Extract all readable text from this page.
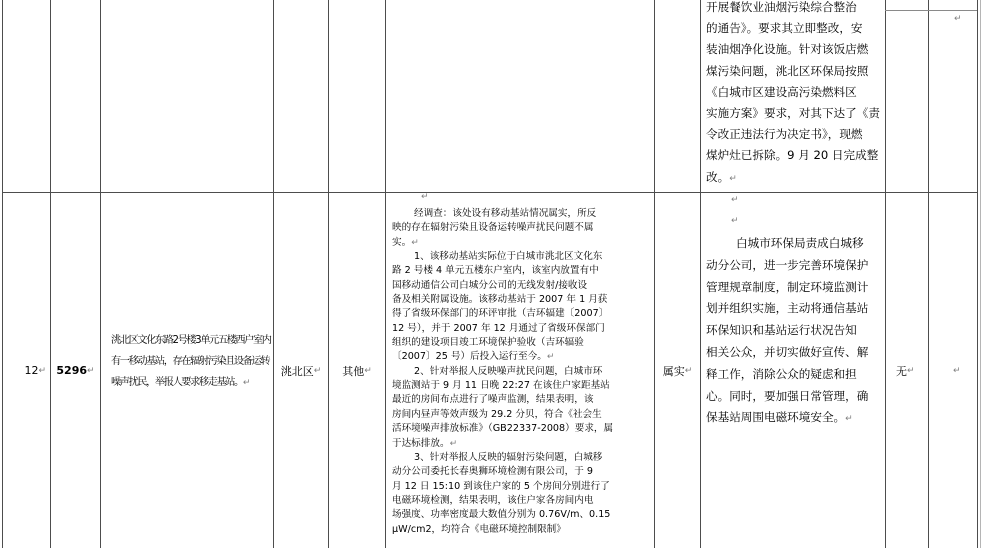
开展餐饮业油烟污染综合整治
的通告》。要求其立即整改，安
装油烟净化设施。针对该饭店燃
煤污染问题，洮北区环保局按照
《白城市区建设高污染燃料区
实施方案》要求，对其下达了《责
令改正违法行为决定书》，现燃
煤炉灶已拆除。9 月 20 日完成整
改。↵
↵
12 ↵ 5296 ↵
洮北区文化东路2号楼3单元五楼西户室内有一移动基站，存在辐射污染且设备运转噪声扰民，举报人要求移走基站。↵
洮北区 ↵ 其他 ↵
↵
经调查：该处设有移动基站情况属实，所反
映的存在辐射污染且设备运转噪声扰民问题不属
实。↵
1、该移动基站实际位于白城市洮北区文化东
路 2 号楼 4 单元五楼东户室内，该室内放置有中
国移动通信公司白城分公司的无线发射/接收设
备及相关附属设施。该移动基站于 2007 年 1 月获
得了省级环保部门的环评审批（吉环辐建〔2007〕
12 号），并于 2007 年 12 月通过了省级环保部门
组织的建设项目竣工环境保护验收（吉环辐验
〔2007〕25 号）后投入运行至今。↵
2、针对举报人反映噪声扰民问题，白城市环
境监测站于 9 月 11 日晚 22:27 在该住户家距基站
最近的房间布点进行了噪声监测，结果表明，该
房间内昼声等效声级为 29.2 分贝，符合《社会生
活环境噪声排放标准》（GB22337-2008）要求，属
于达标排放。↵
3、针对举报人反映的辐射污染问题，白城移
动分公司委托长春奥狮环境检测有限公司，于 9
月 12 日 15:10 到该住户家的 5 个房间分别进行了
电磁环境检测，结果表明，该住户家各房间内电
场强度、功率密度最大数值分别为 0.76V/m、0.15
μW/cm2，均符合《电磁环境控制限制》
属实 ↵
↵
↵
白城市环保局责成白城移
动分公司，进一步完善环境保护
管理规章制度，制定环境监测计
划并组织实施，主动将通信基站
环保知识和基站运行状况告知
相关公众，并切实做好宣传、解
释工作，消除公众的疑虑和担
心。同时，要加强日常管理，确
保基站周围电磁环境安全。↵
无 ↵	↵
